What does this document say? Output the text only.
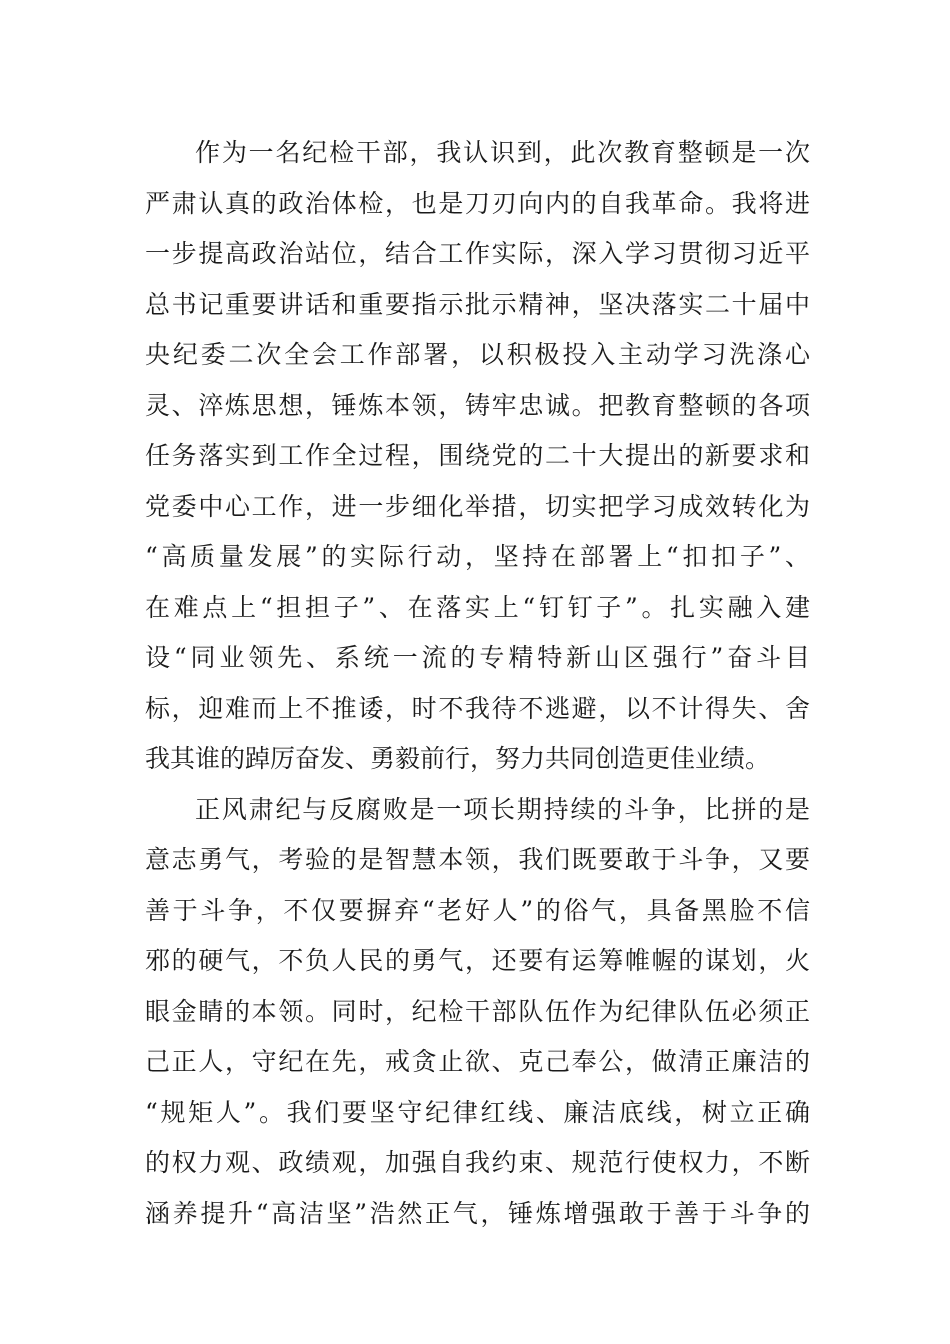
作为一名纪检干部，我认识到，此次教育整顿是一次
严肃认真的政治体检，也是刀刃向内的自我革命。我将进
一步提高政治站位，结合工作实际，深入学习贯彻习近平
总书记重要讲话和重要指示批示精神，坚决落实二十届中
央纪委二次全会工作部署，以积极投入主动学习洗涤心
灵、淬炼思想，锤炼本领，铸牢忠诚。把教育整顿的各项
任务落实到工作全过程，围绕党的二十大提出的新要求和
党委中心工作，进一步细化举措，切实把学习成效转化为
“高质量发展”的实际行动，坚持在部署上“扣扣子”、
在难点上“担担子”、在落实上“钉钉子”。扎实融入建
设“同业领先、系统一流的专精特新山区强行”奋斗目
标，迎难而上不推诿，时不我待不逃避，以不计得失、舍
我其谁的踔厉奋发、勇毅前行，努力共同创造更佳业绩。
正风肃纪与反腐败是一项长期持续的斗争，比拼的是
意志勇气，考验的是智慧本领，我们既要敢于斗争，又要
善于斗争，不仅要摒弃“老好人”的俗气，具备黑脸不信
邪的硬气，不负人民的勇气，还要有运筹帷幄的谋划，火
眼金睛的本领。同时，纪检干部队伍作为纪律队伍必须正
己正人，守纪在先，戒贪止欲、克己奉公，做清正廉洁的
“规矩人”。我们要坚守纪律红线、廉洁底线，树立正确
的权力观、政绩观，加强自我约束、规范行使权力，不断
涵养提升“高洁坚”浩然正气，锤炼增强敢于善于斗争的
